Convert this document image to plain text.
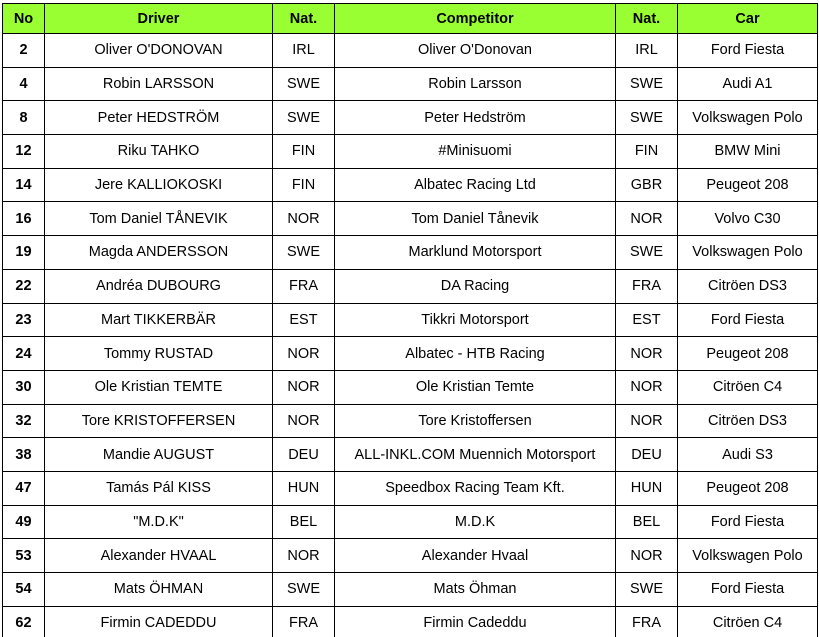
No	Driver	Nat.	Competitor	Nat.	Car
2	Oliver O'DONOVAN	IRL	Oliver O'Donovan	IRL	Ford Fiesta
4	Robin LARSSON	SWE	Robin Larsson	SWE	Audi A1
8	Peter HEDSTRÖM	SWE	Peter Hedström	SWE	Volkswagen Polo
12	Riku TAHKO	FIN	#Minisuomi	FIN	BMW Mini
14	Jere KALLIOKOSKI	FIN	Albatec Racing Ltd	GBR	Peugeot 208
16	Tom Daniel TÅNEVIK	NOR	Tom Daniel Tånevik	NOR	Volvo C30
19	Magda ANDERSSON	SWE	Marklund Motorsport	SWE	Volkswagen Polo
22	Andréa DUBOURG	FRA	DA Racing	FRA	Citröen DS3
23	Mart TIKKERBÄR	EST	Tikkri Motorsport	EST	Ford Fiesta
24	Tommy RUSTAD	NOR	Albatec - HTB Racing	NOR	Peugeot 208
30	Ole Kristian TEMTE	NOR	Ole Kristian Temte	NOR	Citröen C4
32	Tore KRISTOFFERSEN	NOR	Tore Kristoffersen	NOR	Citröen DS3
38	Mandie AUGUST	DEU	ALL-INKL.COM Muennich Motorsport	DEU	Audi S3
47	Tamás Pál KISS	HUN	Speedbox Racing Team Kft.	HUN	Peugeot 208
49	"M.D.K"	BEL	M.D.K	BEL	Ford Fiesta
53	Alexander HVAAL	NOR	Alexander Hvaal	NOR	Volkswagen Polo
54	Mats ÖHMAN	SWE	Mats Öhman	SWE	Ford Fiesta
62	Firmin CADEDDU	FRA	Firmin Cadeddu	FRA	Citröen C4
